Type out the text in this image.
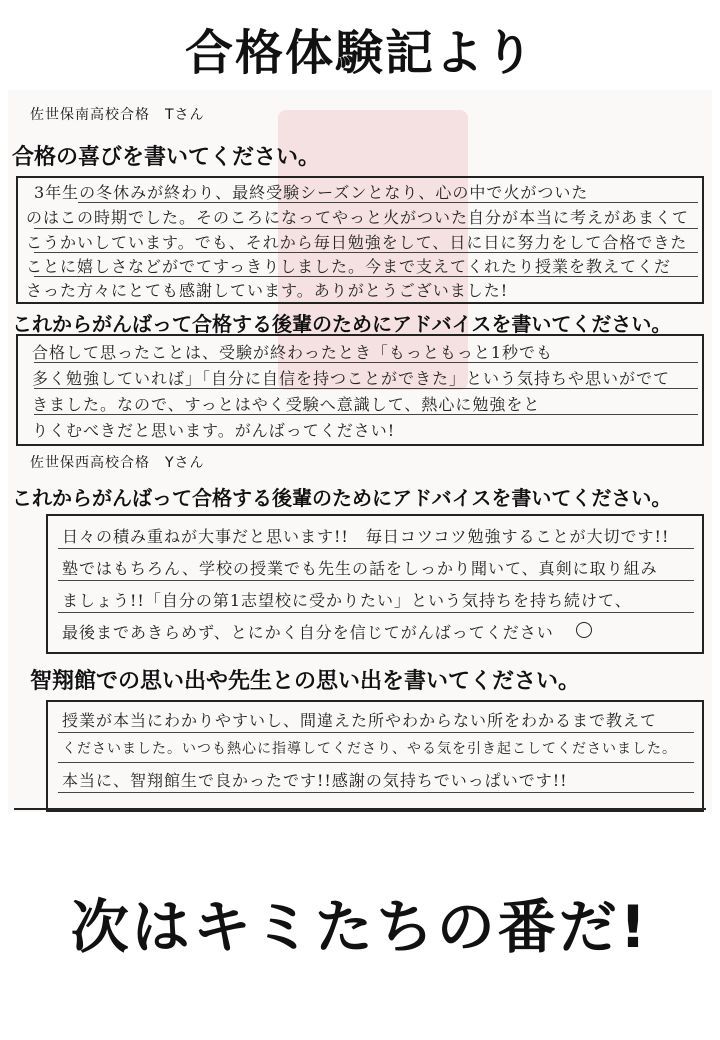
合格体験記より
佐世保南高校合格　Tさん
合格の喜びを書いてください。
3年生の冬休みが終わり、最終受験シーズンとなり、心の中で火がついた
のはこの時期でした。そのころになってやっと火がついた自分が本当に考えがあまくて
こうかいしています。でも、それから毎日勉強をして、日に日に努力をして合格できた
ことに嬉しさなどがでてすっきりしました。今まで支えてくれたり授業を教えてくだ
さった方々にとても感謝しています。ありがとうございました!
これからがんばって合格する後輩のためにアドバイスを書いてください。
合格して思ったことは、受験が終わったとき「もっともっと1秒でも
多く勉強していれば」「自分に自信を持つことができた」という気持ちや思いがでて
きました。なので、すっとはやく受験へ意識して、熱心に勉強をと
りくむべきだと思います。がんばってください!
佐世保西高校合格　Yさん
これからがんばって合格する後輩のためにアドバイスを書いてください。
日々の積み重ねが大事だと思います!!　毎日コツコツ勉強することが大切です!!
塾ではもちろん、学校の授業でも先生の話をしっかり聞いて、真剣に取り組み
ましょう!!「自分の第1志望校に受かりたい」という気持ちを持ち続けて、
最後まであきらめず、とにかく自分を信じてがんばってください
智翔館での思い出や先生との思い出を書いてください。
授業が本当にわかりやすいし、間違えた所やわからない所をわかるまで教えて
くださいました。いつも熱心に指導してくださり、やる気を引き起こしてくださいました。
本当に、智翔館生で良かったです!!感謝の気持ちでいっぱいです!!
次はキミたちの番だ!
